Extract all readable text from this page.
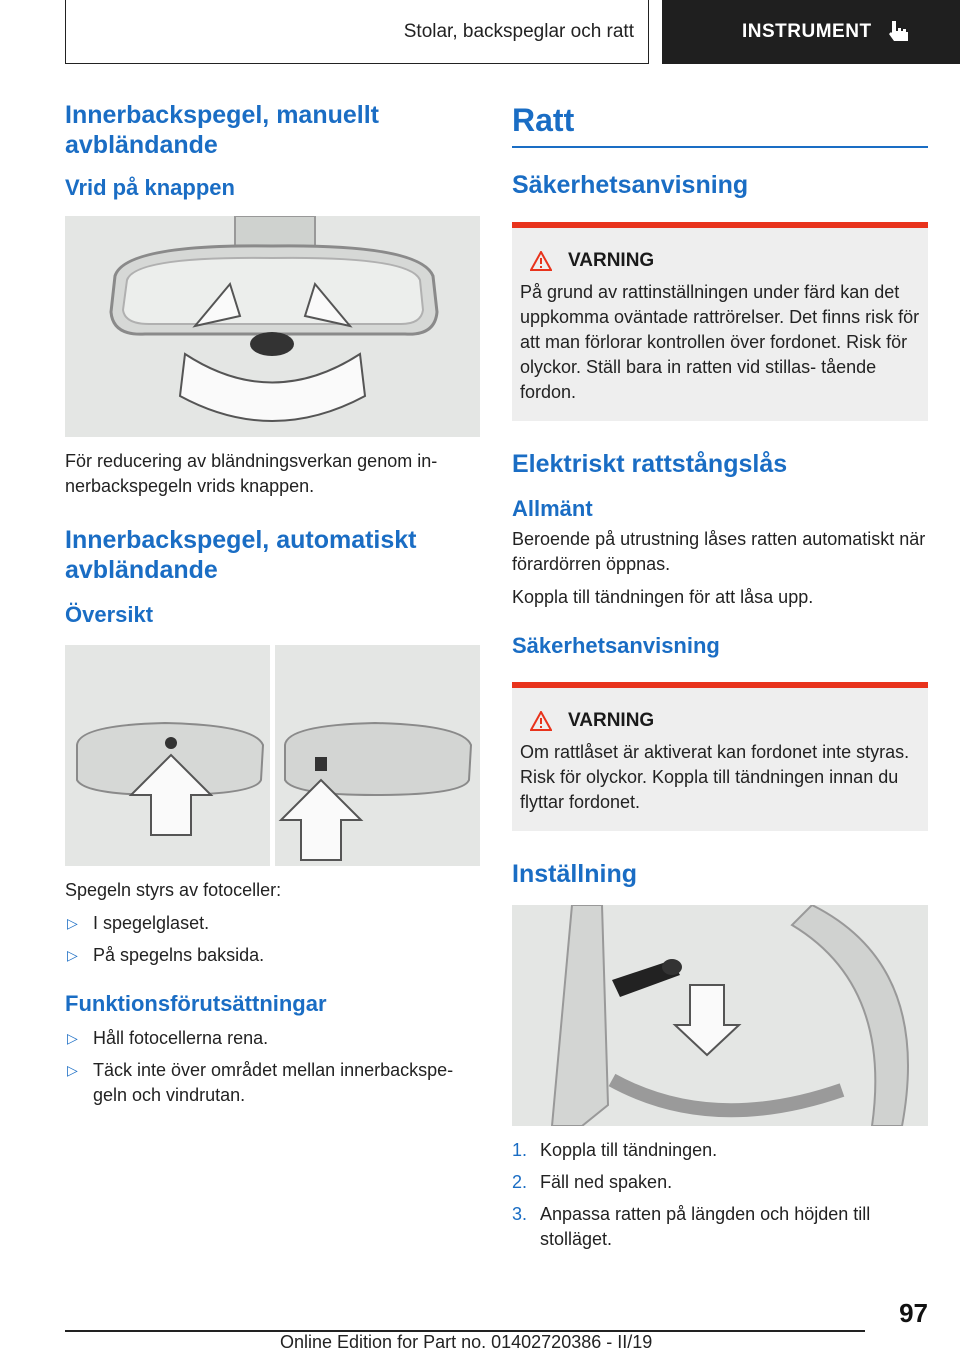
Stolar, backspeglar och ratt	INSTRUMENT
Innerbackspegel, manuellt avbländande
Vrid på knappen
För reducering av bländningsverkan genom in- nerbackspegeln vrids knappen.
Innerbackspegel, automatiskt avbländande
Översikt
Spegeln styrs av fotoceller:
▷ I spegelglaset.
▷ På spegelns baksida.
Funktionsförutsättningar
▷ Håll fotocellerna rena.
▷ Täck inte över området mellan innerbackspe- geln och vindrutan.
Ratt
Säkerhetsanvisning
VARNING
På grund av rattinställningen under färd kan det uppkomma oväntade rattrörelser. Det finns risk för att man förlorar kontrollen över fordonet. Risk för olyckor. Ställ bara in ratten vid stillas- tående fordon.
Elektriskt rattstångslås
Allmänt
Beroende på utrustning låses ratten automatiskt när förardörren öppnas.
Koppla till tändningen för att låsa upp.
Säkerhetsanvisning
VARNING
Om rattlåset är aktiverat kan fordonet inte styras. Risk för olyckor. Koppla till tändningen innan du flyttar fordonet.
Inställning
1. Koppla till tändningen.
2. Fäll ned spaken.
3. Anpassa ratten på längden och höjden till stolläget.
97
Online Edition for Part no. 01402720386 - II/19
